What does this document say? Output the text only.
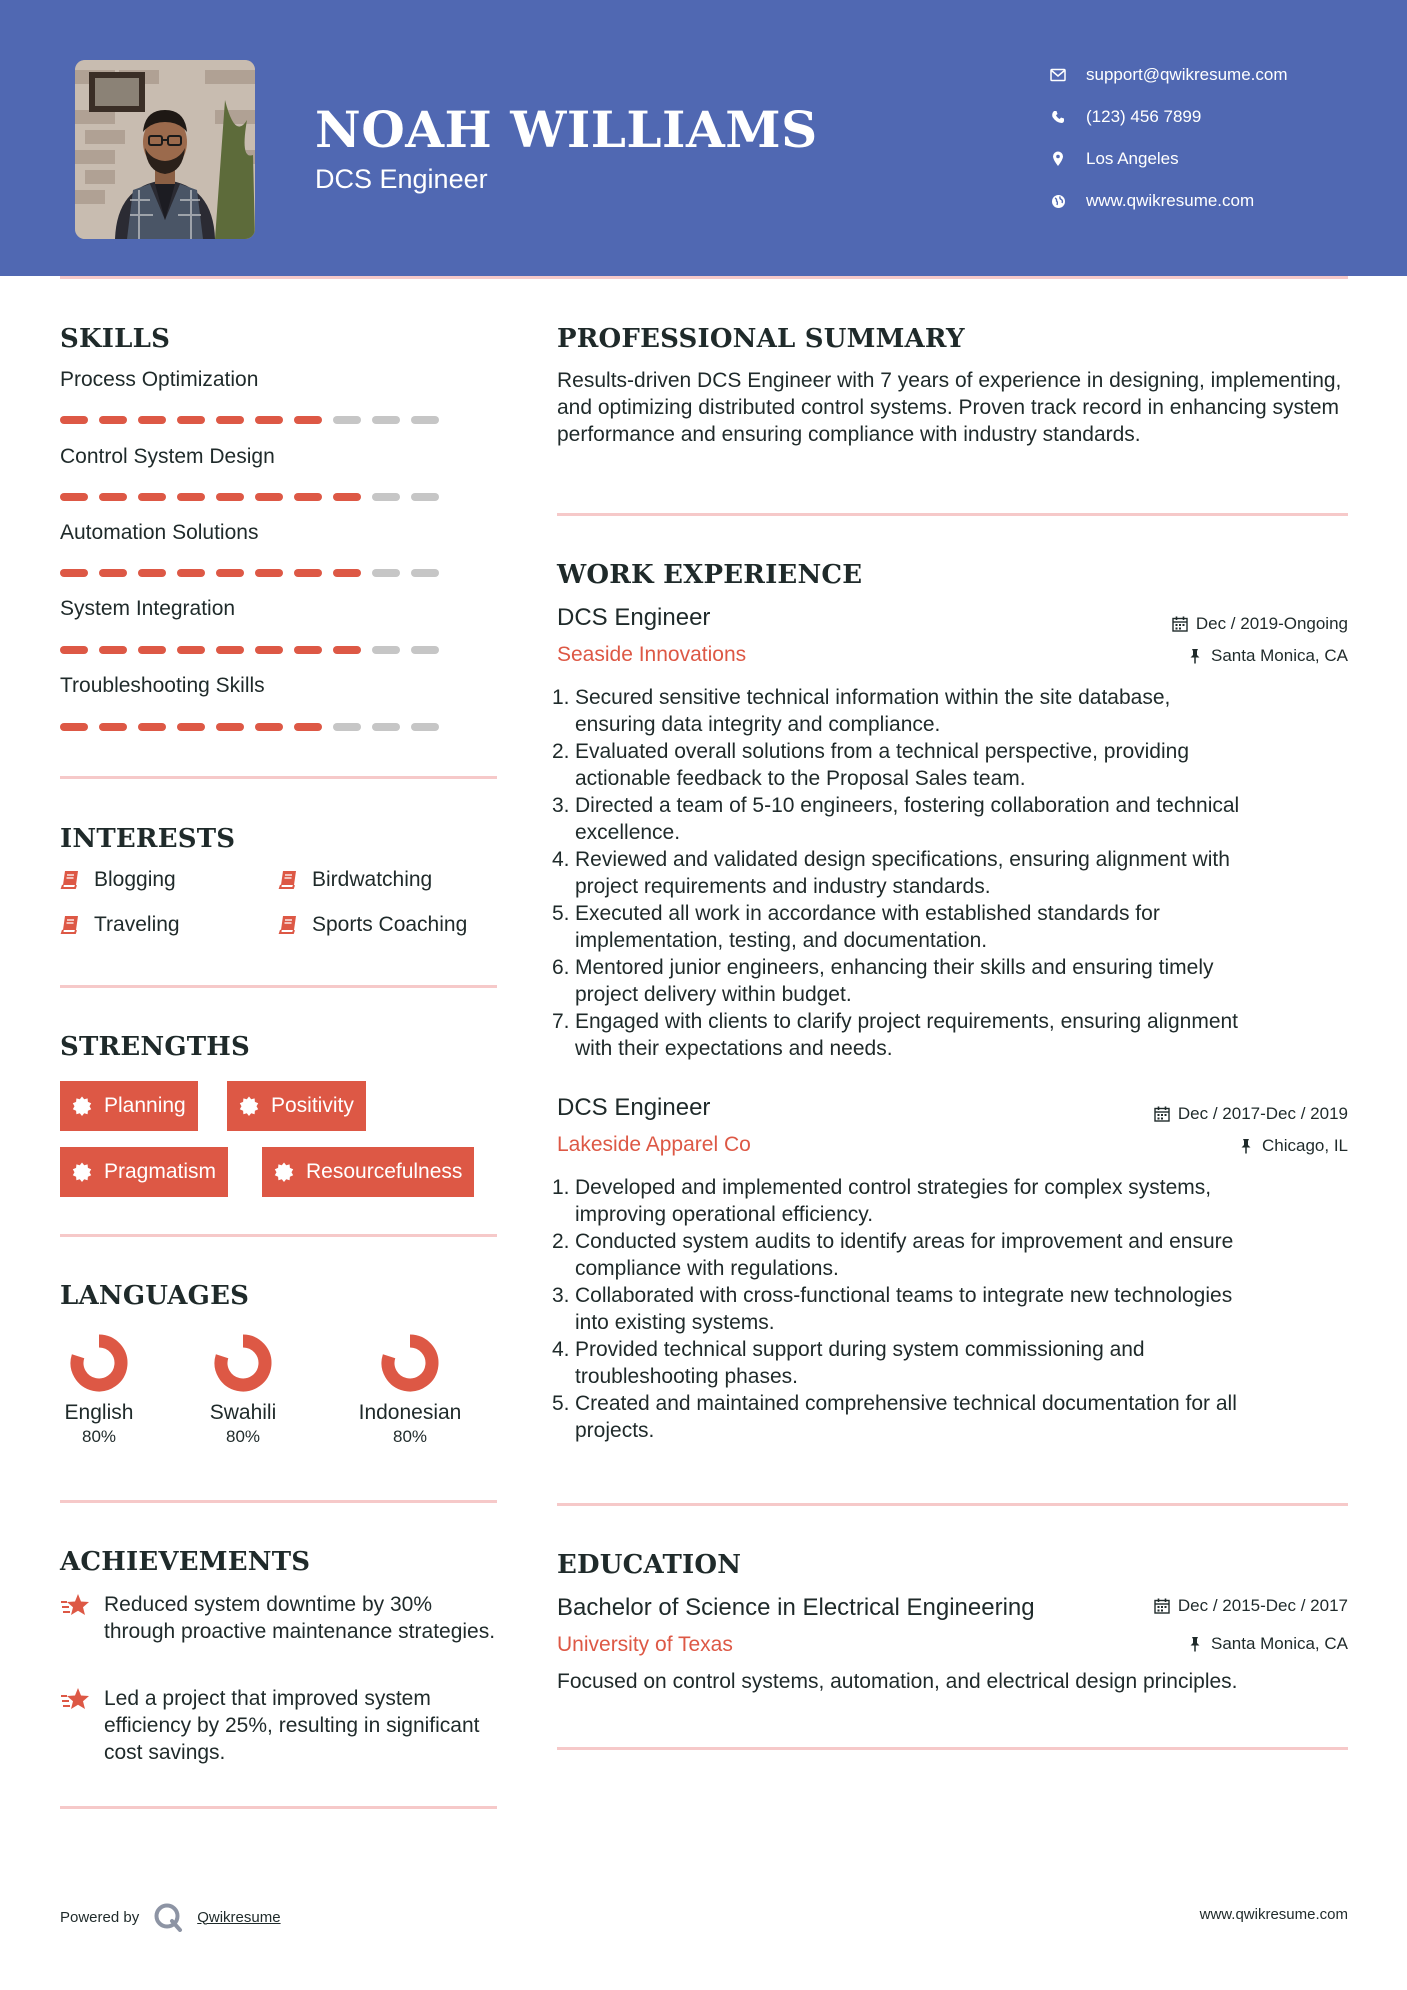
NOAH WILLIAMS
DCS Engineer
support@qwikresume.com
(123) 456 7899
Los Angeles
www.qwikresume.com
SKILLS
Process Optimization
Control System Design
Automation Solutions
System Integration
Troubleshooting Skills
INTERESTS
Blogging	Birdwatching
Traveling	Sports Coaching
STRENGTHS
Planning	Positivity
Pragmatism	Resourcefulness
LANGUAGES
English
80%
Swahili
80%
Indonesian
80%
ACHIEVEMENTS
Reduced system downtime by 30% through proactive maintenance strategies.
Led a project that improved system efficiency by 25%, resulting in significant cost savings.
PROFESSIONAL SUMMARY
Results-driven DCS Engineer with 7 years of experience in designing, implementing, and optimizing distributed control systems. Proven track record in enhancing system performance and ensuring compliance with industry standards.
WORK EXPERIENCE
DCS Engineer
Seaside Innovations
Dec / 2019-Ongoing
Santa Monica, CA
1. Secured sensitive technical information within the site database,
ensuring data integrity and compliance.
2. Evaluated overall solutions from a technical perspective, providing
actionable feedback to the Proposal Sales team.
3. Directed a team of 5-10 engineers, fostering collaboration and technical
excellence.
4. Reviewed and validated design specifications, ensuring alignment with
project requirements and industry standards.
5. Executed all work in accordance with established standards for
implementation, testing, and documentation.
6. Mentored junior engineers, enhancing their skills and ensuring timely
project delivery within budget.
7. Engaged with clients to clarify project requirements, ensuring alignment
with their expectations and needs.
DCS Engineer
Lakeside Apparel Co
Dec / 2017-Dec / 2019
Chicago, IL
1. Developed and implemented control strategies for complex systems,
improving operational efficiency.
2. Conducted system audits to identify areas for improvement and ensure
compliance with regulations.
3. Collaborated with cross-functional teams to integrate new technologies
into existing systems.
4. Provided technical support during system commissioning and
troubleshooting phases.
5. Created and maintained comprehensive technical documentation for all
projects.
EDUCATION
Bachelor of Science in Electrical Engineering
University of Texas
Dec / 2015-Dec / 2017
Santa Monica, CA
Focused on control systems, automation, and electrical design principles.
Powered by	Qwikresume	www.qwikresume.com
